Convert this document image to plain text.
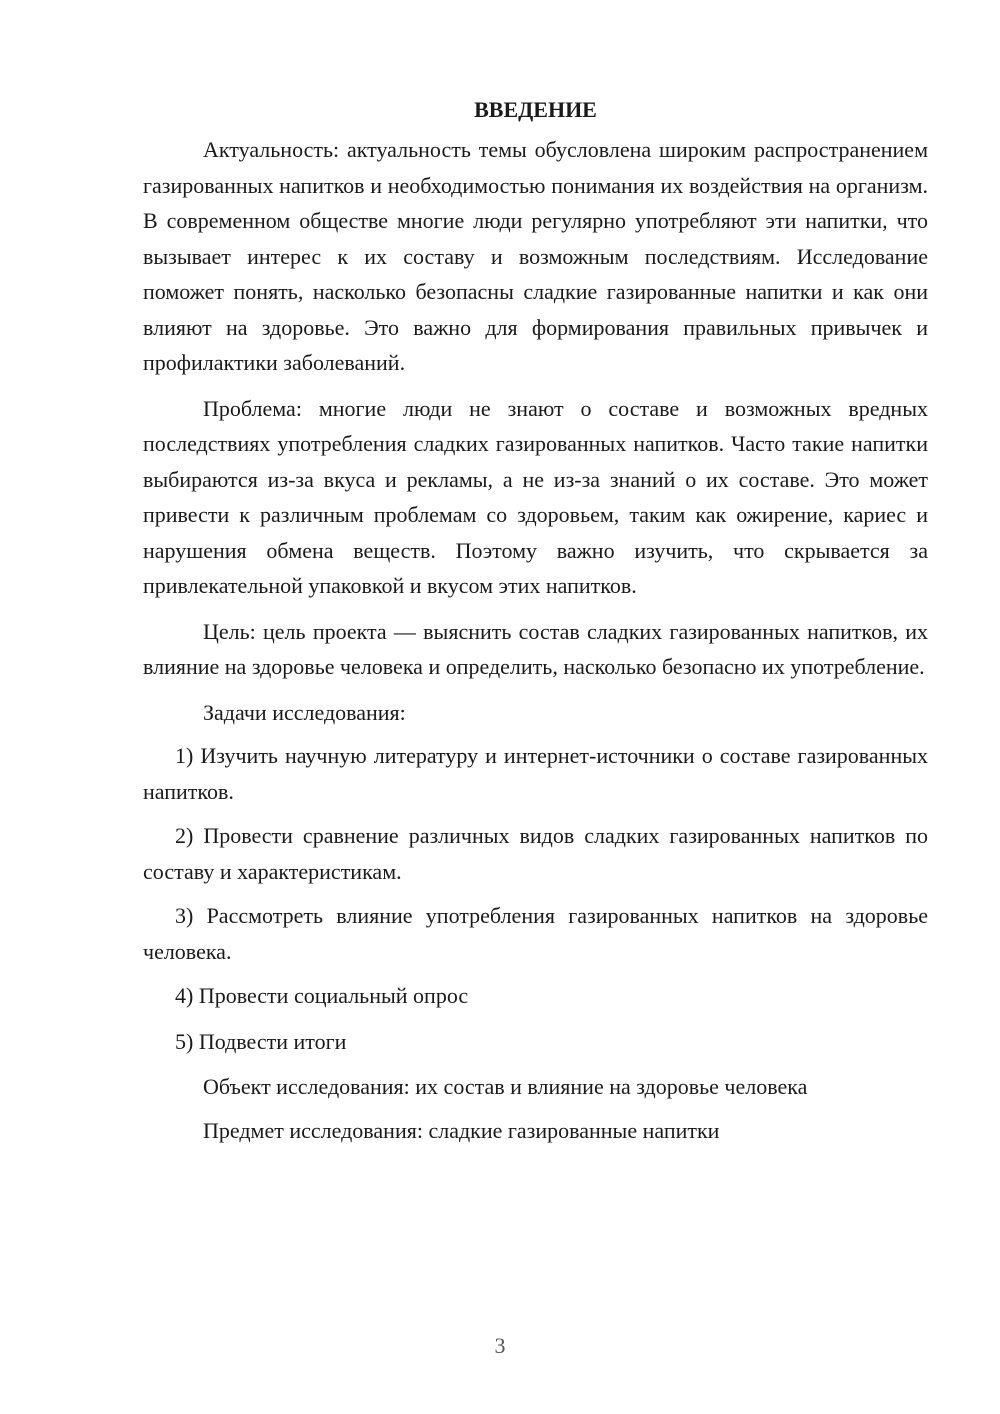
ВВЕДЕНИЕ

Актуальность: актуальность темы обусловлена широким распространением газированных напитков и необходимостью понимания их воздействия на организм. В современном обществе многие люди регулярно употребляют эти напитки, что вызывает интерес к их составу и возможным последствиям. Исследование поможет понять, насколько безопасны сладкие газированные напитки и как они влияют на здоровье. Это важно для формирования правильных привычек и профилактики заболеваний.

Проблема: многие люди не знают о составе и возможных вредных последствиях употребления сладких газированных напитков. Часто такие напитки выбираются из-за вкуса и рекламы, а не из-за знаний о их составе. Это может привести к различным проблемам со здоровьем, таким как ожирение, кариес и нарушения обмена веществ. Поэтому важно изучить, что скрывается за привлекательной упаковкой и вкусом этих напитков.

Цель: цель проекта — выяснить состав сладких газированных напитков, их влияние на здоровье человека и определить, насколько безопасно их употребление.

Задачи исследования:

1) Изучить научную литературу и интернет-источники о составе газированных напитков.

2) Провести сравнение различных видов сладких газированных напитков по составу и характеристикам.

3) Рассмотреть влияние употребления газированных напитков на здоровье человека.

4) Провести социальный опрос

5) Подвести итоги

Объект исследования: их состав и влияние на здоровье человека

Предмет исследования: сладкие газированные напитки

3
